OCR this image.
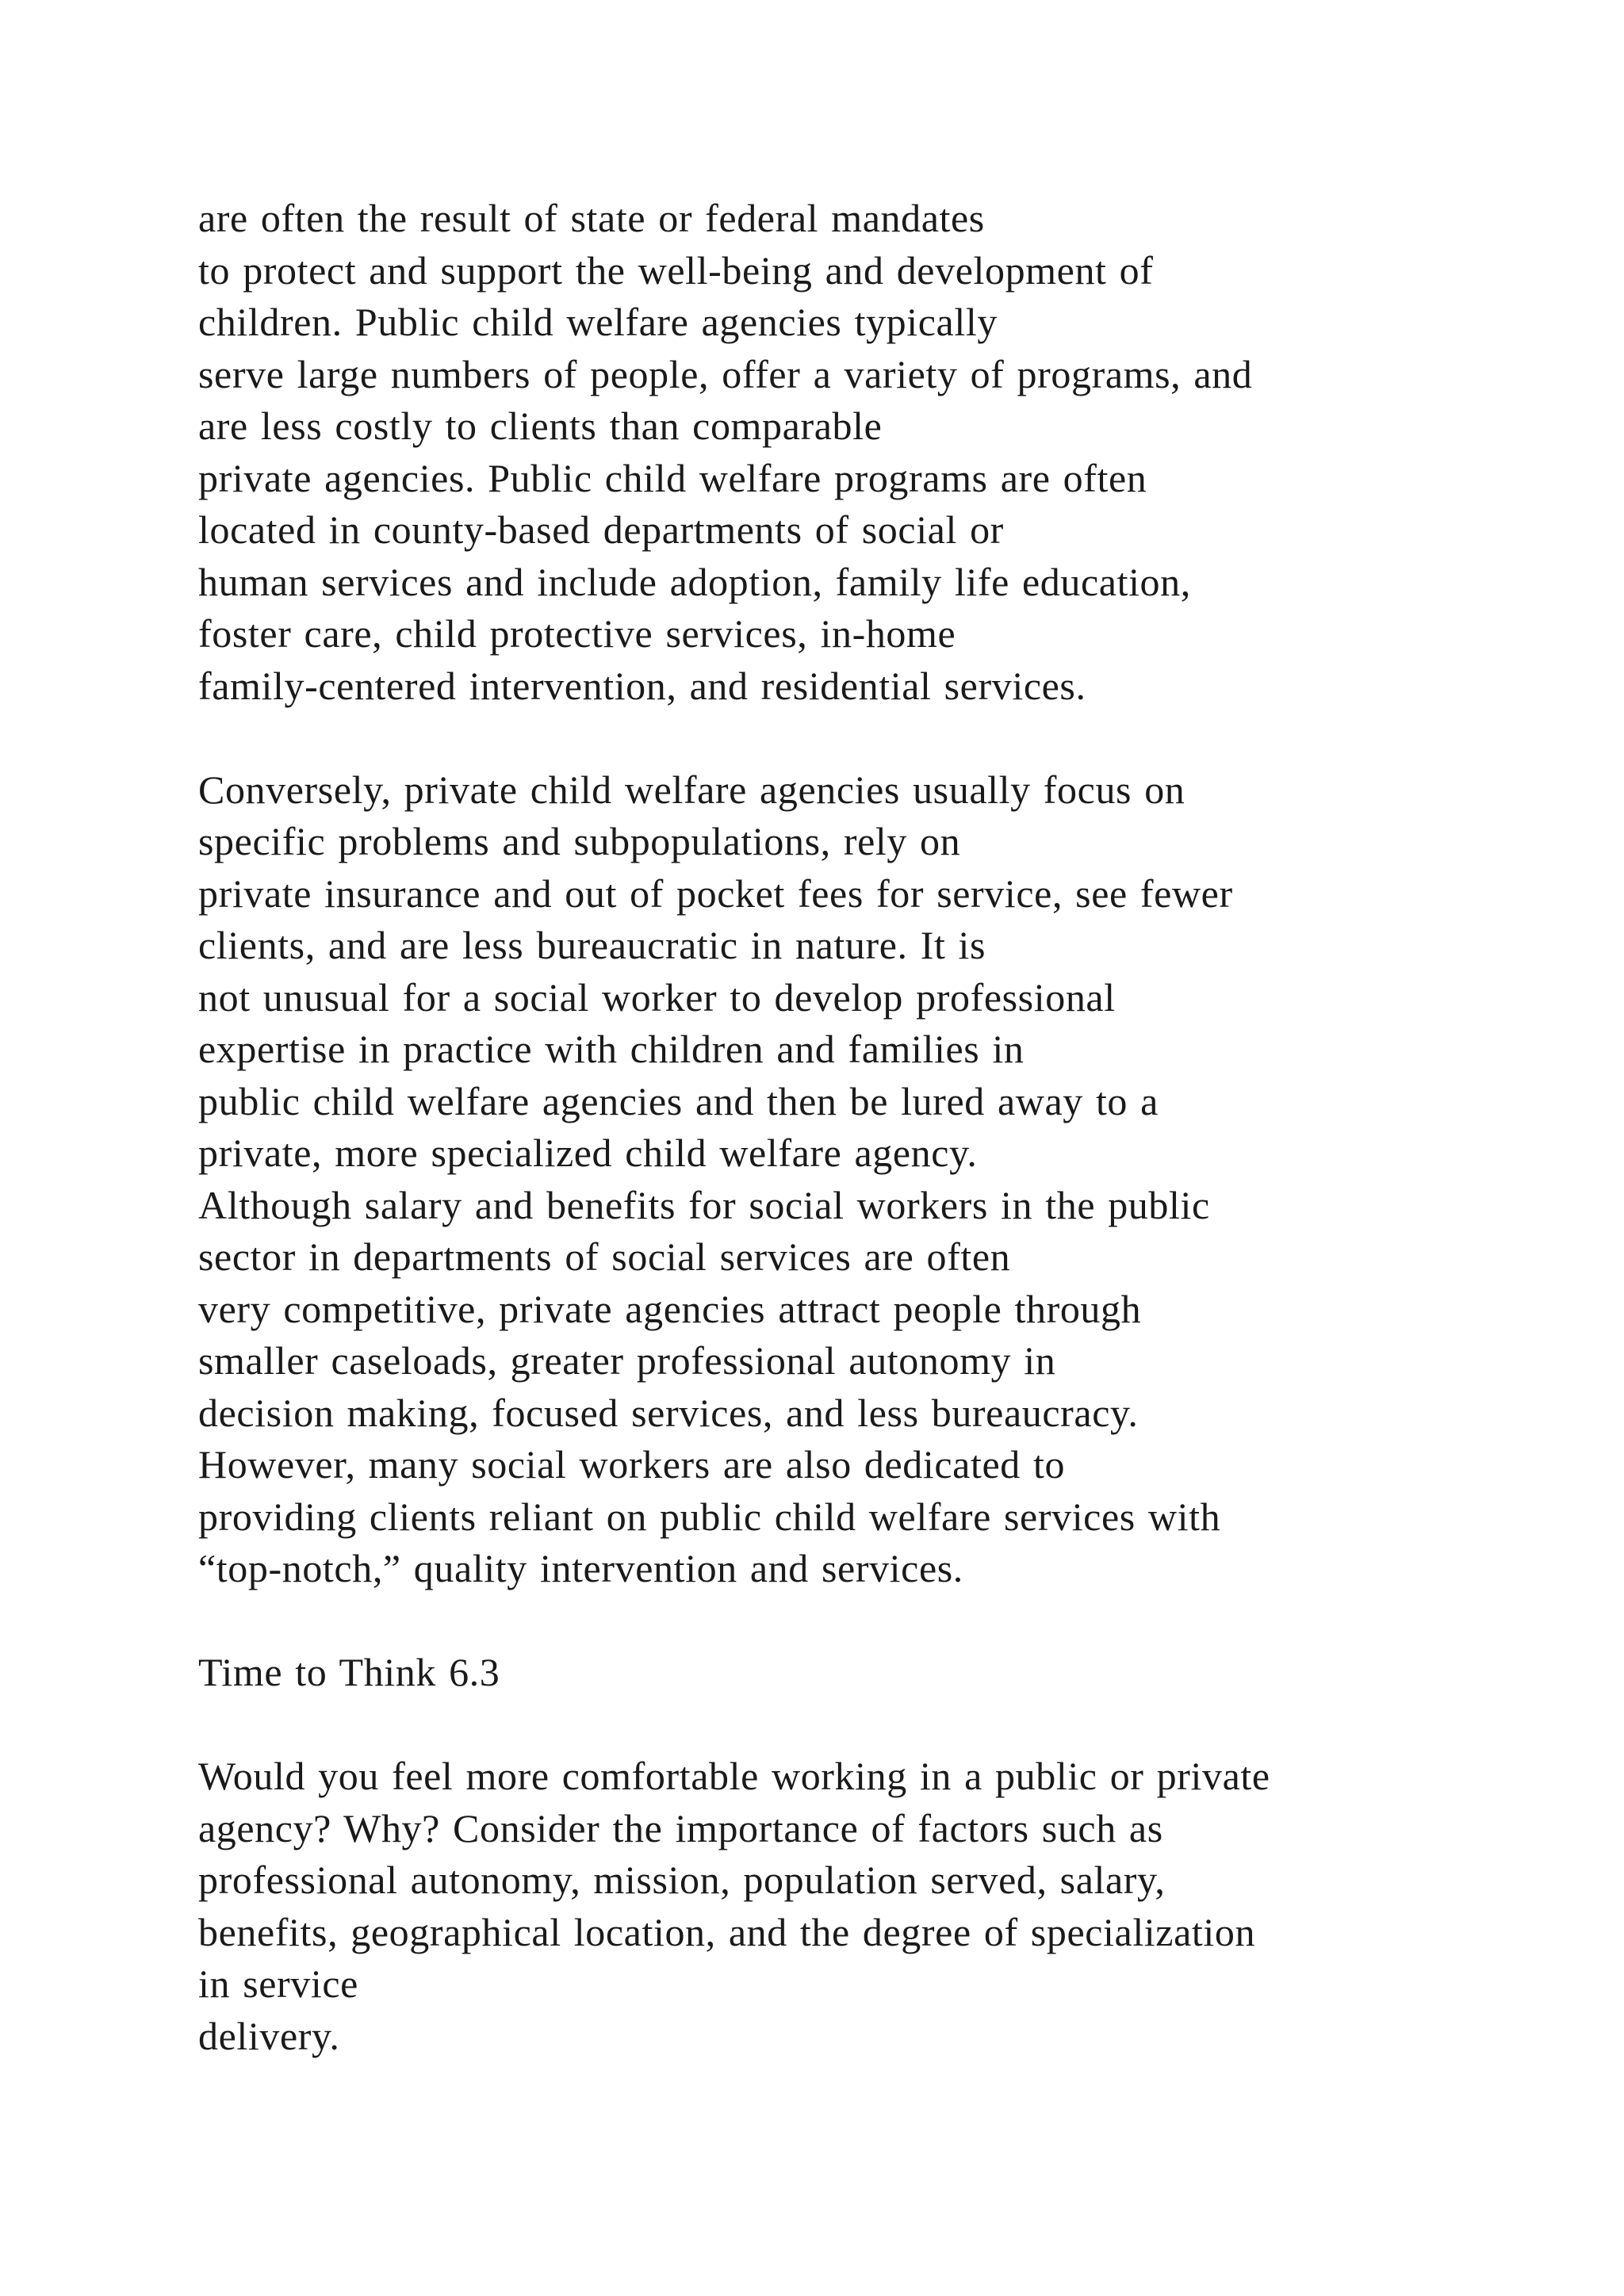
are often the result of state or federal mandates
to protect and support the well-being and development of
children. Public child welfare agencies typically
serve large numbers of people, offer a variety of programs, and
are less costly to clients than comparable
private agencies. Public child welfare programs are often
located in county-based departments of social or
human services and include adoption, family life education,
foster care, child protective services, in-home
family-centered intervention, and residential services.
Conversely, private child welfare agencies usually focus on
specific problems and subpopulations, rely on
private insurance and out of pocket fees for service, see fewer
clients, and are less bureaucratic in nature. It is
not unusual for a social worker to develop professional
expertise in practice with children and families in
public child welfare agencies and then be lured away to a
private, more specialized child welfare agency.
Although salary and benefits for social workers in the public
sector in departments of social services are often
very competitive, private agencies attract people through
smaller caseloads, greater professional autonomy in
decision making, focused services, and less bureaucracy.
However, many social workers are also dedicated to
providing clients reliant on public child welfare services with
“top-notch,” quality intervention and services.
Time to Think 6.3
Would you feel more comfortable working in a public or private
agency? Why? Consider the importance of factors such as
professional autonomy, mission, population served, salary,
benefits, geographical location, and the degree of specialization
in service
delivery.
